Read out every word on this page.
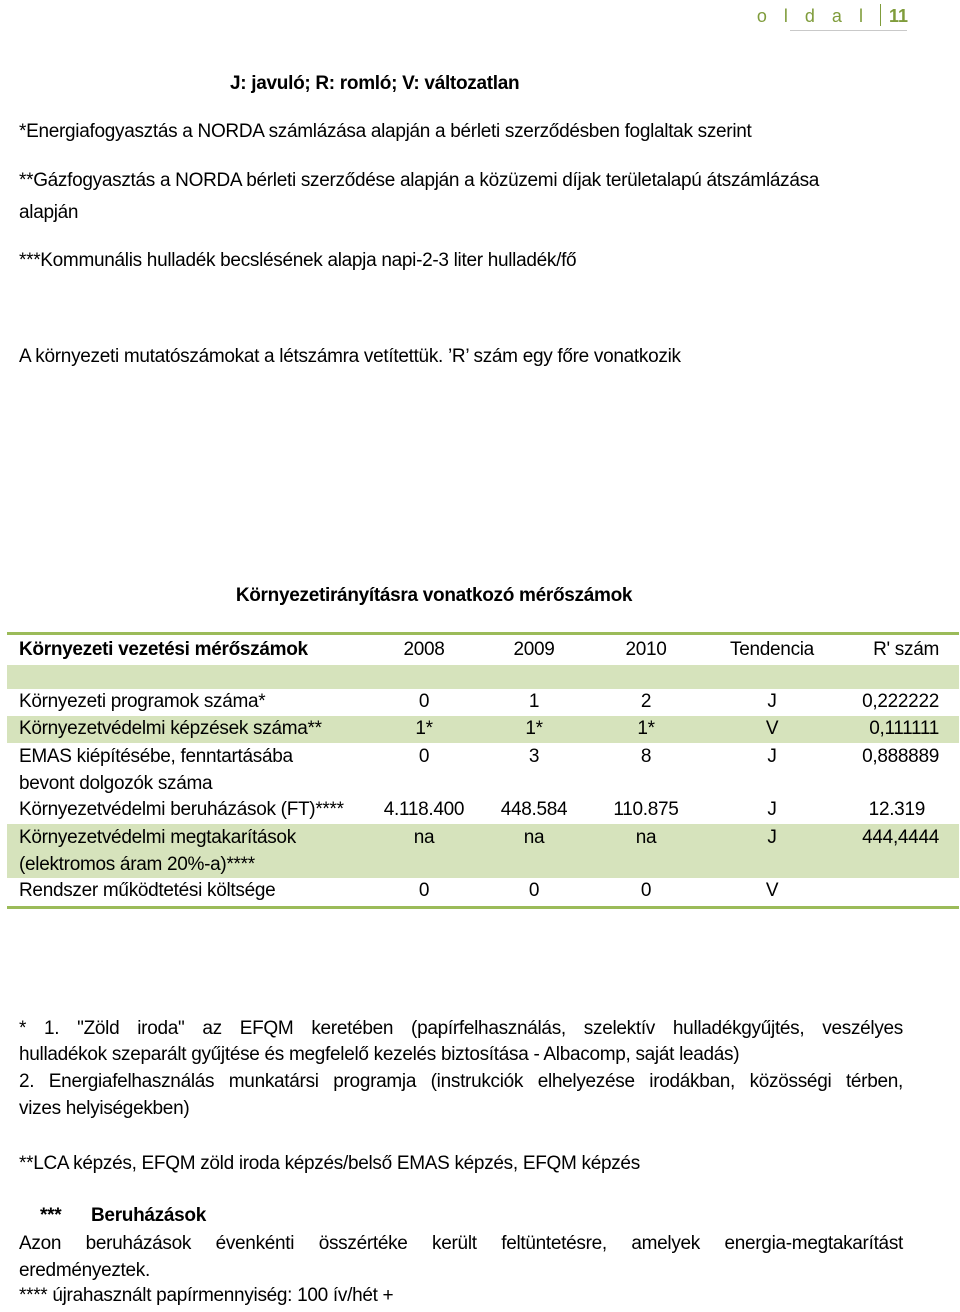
o l d a l 11
J: javuló; R: romló; V: változatlan
*Energiafogyasztás a NORDA számlázása alapján a bérleti szerződésben foglaltak szerint
**Gázfogyasztás a NORDA bérleti szerződése alapján a közüzemi díjak területalapú átszámlázása
alapján
***Kommunális hulladék becslésének alapja napi-2-3 liter hulladék/fő
A környezeti mutatószámokat a létszámra vetítettük. ’R’ szám egy főre vonatkozik
Környezetirányításra vonatkozó mérőszámok
Környezeti vezetési mérőszámok	2008	2009	2010	Tendencia	R' szám
Környezeti programok száma*	0	1	2	J	0,222222
Környezetvédelmi képzések száma**	1*	1*	1*	V	0,111111
EMAS kiépítésébe, fenntartásába
bevont dolgozók száma
0	3	8	J	0,888889
Környezetvédelmi beruházások (FT)****	4.118.400	448.584	110.875	J	12.319
Környezetvédelmi megtakarítások
(elektromos áram 20%-a)****
na	na	na	J	444,4444
Rendszer működtetési költsége	0	0	0	V
* 1. "Zöld iroda" az EFQM keretében (papírfelhasználás, szelektív hulladékgyűjtés, veszélyes
hulladékok szeparált gyűjtése és megfelelő kezelés biztosítása - Albacomp, saját leadás)
2. Energiafelhasználás munkatársi programja (instrukciók elhelyezése irodákban, közösségi térben,
vizes helyiségekben)
**LCA képzés, EFQM zöld iroda képzés/belső EMAS képzés, EFQM képzés
*** Beruházások
Azon beruházások évenkénti összértéke került feltüntetésre, amelyek energia-megtakarítást
eredményeztek.
**** újrahasznált papírmennyiség: 100 ív/hét +
